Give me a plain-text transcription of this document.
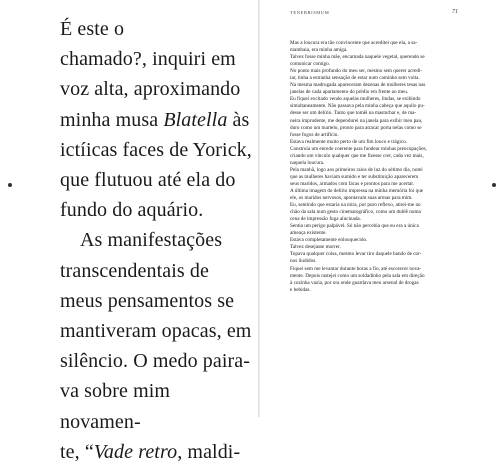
É este o
chamado?, inquiri em
voz alta, aproximando
minha musa Blatella às
ictíicas faces de Yorick,
que flutuou até ela do
fundo do aquário.

As manifestações
transcendentais de
meus pensamentos se
mantiveram opacas, em
silêncio. O medo paira-
va sobre mim novamen-
te, “Vade retro, maldi-

TENEBRISMUM	71

Mas a loucura era tão convincente que acreditei que ela, a sa-

mambaia, era minha amiga.

Talvez fosse minha mãe, encarnada naquele vegetal, querendo se

comunicar comigo.

No ponto mais profundo do meu ser, mesmo sem querer acredi-

tar, tinha a estranha sensação de estar num caminho sem volta.

Na mesma madrugada apareceram dezenas de mulheres tesas nas

janelas de cada apartamento do prédio em frente ao meu.

Eu fiquei excitado vendo aquelas mulheres, lindas, se exibindo

simultaneamente. Não passava pela minha cabeça que aquilo pu-

desse ser um delírio. Tanto que tomêi na masturbar e, de ma-

neira imprudente, me dependurei na janela para exibir meu pau,

duro como um martelo, pronto para atracar porta nelas como se

fosse fogos de artifício.

Estava realmente muito perto de um fim louco e trágico.

Construía um enredo coerente para fundear minhas preocupações,

criando um vínculo qualquer que me fizesse crer, cada vez mais,

naquela loucura.

Pela manhã, logo aos primeiros raios de luz do sétimo dia, notei

que as mulheres haviam sumido e ter substituição aparecerem

seus maridos, armados com facas e prontos para me acertar.

A última imagem do delírio impressa na minha memória foi que

ele, os maridos nervosos, apontavam suas armas para mim.

Eu, sentindo que estaria na mira, por puro reflexo, atirei-me no

chão da sala num gesto cinematográfico, como um dublê numa

cena de impressão fuga alucinada.

Sentia um perigo palpável. Só não percebia que eu era a única

ameaça existente.

Estava completamente enlouquecido.

Talvez desejasse morrer.

Topava qualquer coisa, mesmo levar tiro daquele bando de cor-

nos iludidos.

Fiquei sem me levantar durante horas a fio, até escorecer nova-

mente. Depois rastejei como um soldadinho pela sala em direção

à cozinha vazia, por ora onde guardava meu arsenal de drogas

e bebidas.
